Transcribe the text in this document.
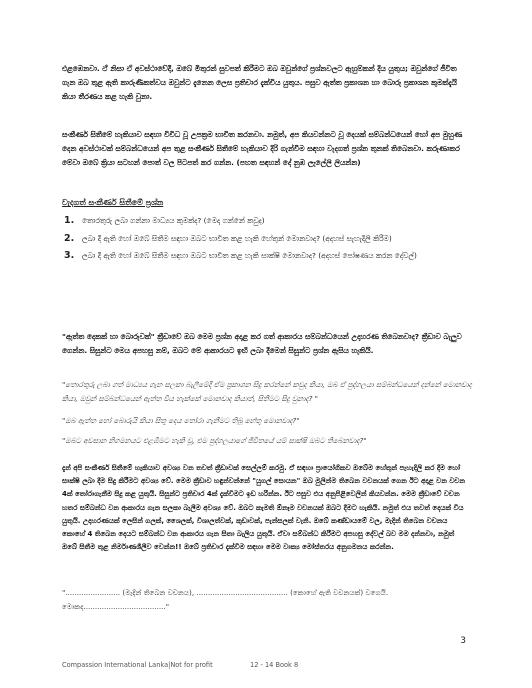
එළඹෙනවා. ඒ නිසා ඒ අවස්ථාවේදී, ඔබේ මිතුරන් සුවපත් කිරීමට ඔබ ඔවුන්ගේ ප්‍රශ්නවලට ඇහුම්කන් දිය යුතුය; ඔවුන්ගේ ජීවිත ගැන ඔබ තුළ ඇති කාරුණිකත්වය ඔවුන්ට දැනෙන ලෙස ප්‍රතිචාර දැක්විය යුතුය. පසුව ඇත්ත ප්‍රකාශන හා බොරු ප්‍රකාශන කුමක්දැයි කියා තීරණය කළ හැකි වුනා.

සංකීර්ණ සිතීමේ හැකියාව සඳහා විවිධ වූ උපක්‍රම භාවිත කරනවා. නමුත්, අප කියවන්නට වූ දෙයක් සම්බන්ධයෙන් හෝ අප මුහුණ දෙන අවස්ථාවක් සම්බන්ධයෙන් අප තුළ සංකීර්ණ සිතීමේ හැකියාව දිරි ගැන්වීම සඳහා වැදගත් ප්‍රශ්න තුනක් තිබෙනවා. කරුණාකර මේවා ඔබේ ක්‍රියා සටහන් පොත් වල පිටපත් කර ගන්න. (පහත සඳහන් දේ නුඹ ලැලේලි ලියන්න)

වැදගත් සංකීර්ණ සිතීමේ ප්‍රශ්න

1. තොරතුරු ලබා ගන්නා මාධ්‍යය කුමක්ද? (මෙදා ගන්නේ කවුද)
2. ලබා දී ඇති හෝ ඔබේ සිතීම සඳහා ඔබට භාවිත කළ හැකි හේතුන් මොනවාද? (අදහස් සැහැදිලි කිරීම)
3. ලබා දී ඇති හෝ ඔබේ සිතීම සඳහා ඔබට භාවිත කළ හැකි සාක්ෂි මොනවාද? (අදහස් පෝෂණය කරන දේවල්)

"ඇත්ත දෙකක් හා බොරුවක්" ක්‍රීඩාවේ ඔබ මෙම ප්‍රශ්න අදාළ කර ගත් ආකාරය සම්බන්ධයෙන් උදාහරණ තිබෙනවාද? ක්‍රීඩාව බැලුව ගෙන්න. සිසුන්ට මෙය අපහසු නම්, ඔබට මේ ආකාරයට ඉඟි ලබා දීමෙන් සිසුන්ට ප්‍රශ්න ඇසිය හැකියි.

"තොරතුරු ලබා ගත් මාධ්‍යය ගැන සලකා බැලීමේදී ඒම ප්‍රකාශන සිදු කරන්නේ කවුද කියා, ඔබ ඒ පුද්ගලයා සම්බන්ධයෙන් දන්නේ මොනවාද කියා, ඔවුන් සම්බන්ධයෙන් ඇත්ත විය හැක්කේ මොනවාද කියාත්, සිතීමට සිදු වුනාද? "

"ඔබ ඇත්ත හෝ බොරුයි කියා සිතූ දෙය තෝරා ගැනීමට තිබූ හේතු මොනවාද?"

"ඔබට අවසාන නිගමනයට එළඹීමට හැකි වූ, එම පුද්ගලයාගේ ජීවිතයේ යම් සාක්ෂි ඔබට තිබෙනවාද?"

දැන් අපි සංකීර්ණ සිතීමේ හැකියාව අවශ්‍ය වන තවත් ක්‍රීඩාවක් සෙල්ලම් කරමු. ඒ සඳහා ප්‍රායෝගිකව ඔබේම හේතුන් පැහැදිලි කර දීම හෝ සාක්ෂි ලබා දීම සිදු කිරීමට අවශ්‍ය වේ. මෙම ක්‍රීඩාව හඳුන්වන්නේ "යුගල් සොයන" ඔබ මුලින්ම තිබෙන වචනයක් ගෙන ඊට අදාළ වන වචන 4ක් තෝරාගැනීම සිදු කළ යුතුයි. සිසුන්ට ප්‍රතිචාර 4ක් දැක්වීමට ඉඩ හරින්න. ඊට පසුව එය අනුපිළිවෙලින් කියවන්න. මෙම ක්‍රීඩාවේ වචන හතර සම්බන්ධ වන ආකාරය ගැන සලකා බැලීම අවශ්‍ය වේ. ඔබට කැමති ඕනෑම වචනයක් ඔබට දීමට හැකියි. නමුත් එය තවත් දෙයක් විය යුතුයි. උදාහරණයක් ලෙසින් ගලක්, ශෛලක්, විශාලත්වක්, කුඩාවක්, පැන්සලක් වැනි. ඔබේ කණ්ඩායමේ වල, මැදින් තිබෙන වචනය කොහේ 4 තිබෙන දෙයට සම්බන්ධ වන ආකාරය ගැන සිතා බැලිය යුතුයි. ඒවා සම්බන්ධ කිරීමට අපහසු දේවල් බව මම දන්නවා, නමුත් ඔබේ සිතීම තුළ නිර්මාණශීලීව වෙන්න!! ඔබේ ප්‍රතිචාර දැක්වීම සඳහා මෙම වාක්‍ය මෝස්තරය අනුගමනය කරන්න.

"........................ (මැදින් තිබෙන වචනය), ........................................ (කොහේ ඇති වචනයක්) වගෙයි.

මොකද...................................."

3
Compassion International Lanka|Not for profit	12 - 14 Book 8
